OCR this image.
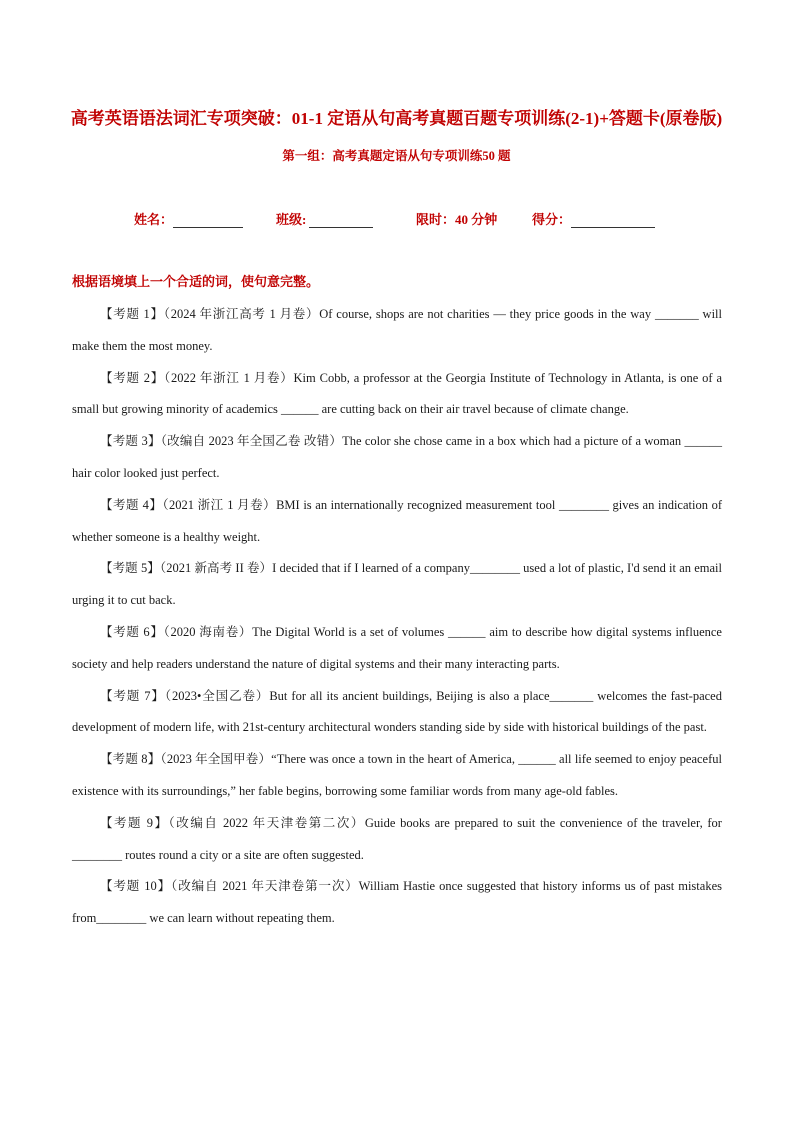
高考英语语法词汇专项突破：01-1 定语从句高考真题百题专项训练(2-1)+答题卡(原卷版)
第一组：高考真题定语从句专项训练50 题
姓名：	班级:	限时：40 分钟	得分：
根据语境填上一个合适的词，使句意完整。

【考题 1】（2024 年浙江高考 1 月卷）Of course, shops are not charities — they price goods in the way _______ will make them the most money.

【考题 2】（2022 年浙江 1 月卷）Kim Cobb, a professor at the Georgia Institute of Technology in Atlanta, is one of a small but growing minority of academics ______ are cutting back on their air travel because of climate change.

【考题 3】（改编自 2023 年全国乙卷 改错）The color she chose came in a box which had a picture of a woman ______ hair color looked just perfect.

【考题 4】（2021 浙江 1 月卷）BMI is an internationally recognized measurement tool ________ gives an indication of whether someone is a healthy weight.

【考题 5】（2021 新高考 II 卷）I decided that if I learned of a company________ used a lot of plastic, I'd send it an email urging it to cut back.

【考题 6】（2020 海南卷）The Digital World is a set of volumes ______ aim to describe how digital systems influence society and help readers understand the nature of digital systems and their many interacting parts.

【考题 7】（2023•全国乙卷）But for all its ancient buildings, Beijing is also a place_______ welcomes the fast-paced development of modern life, with 21st-century architectural wonders standing side by side with historical buildings of the past.

【考题 8】（2023 年全国甲卷）“There was once a town in the heart of America, ______ all life seemed to enjoy peaceful existence with its surroundings,” her fable begins, borrowing some familiar words from many age-old fables.

【考题 9】（改编自 2022 年天津卷第二次）Guide books are prepared to suit the convenience of the traveler, for ________ routes round a city or a site are often suggested.

【考题 10】（改编自 2021 年天津卷第一次）William Hastie once suggested that history informs us of past mistakes from________ we can learn without repeating them.
